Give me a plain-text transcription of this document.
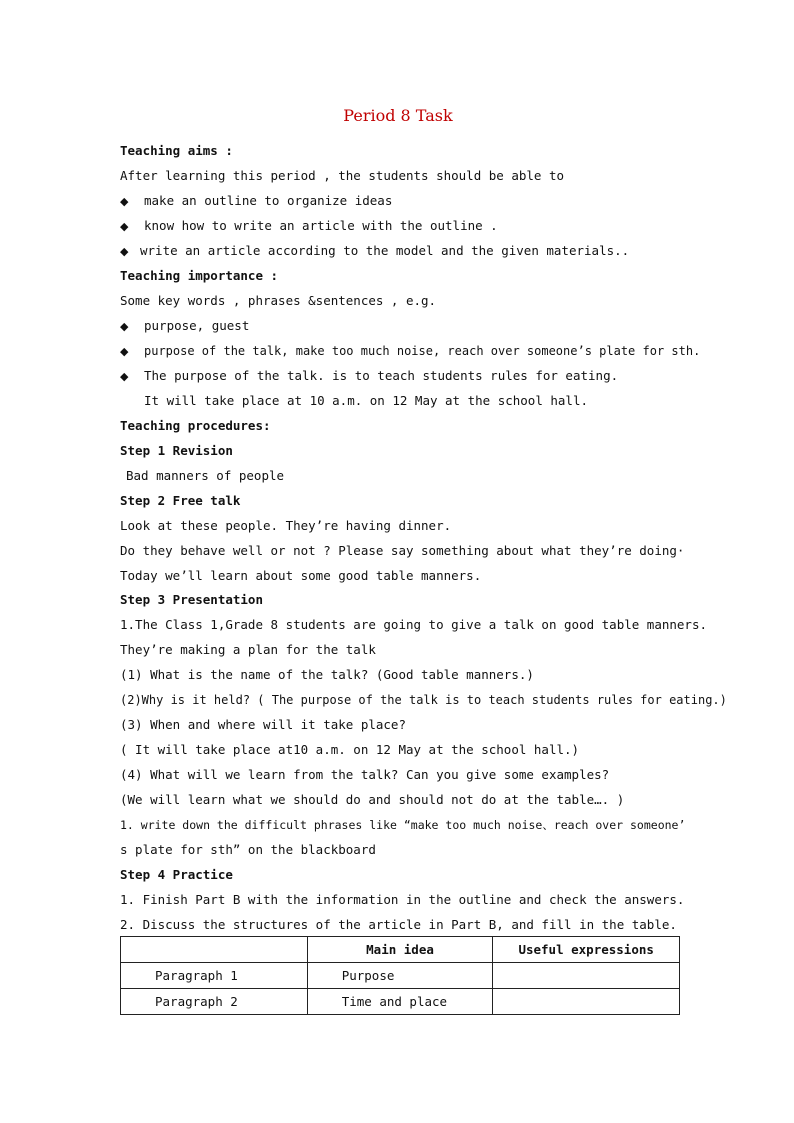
Period 8 Task
Teaching aims :
After learning this period , the students should be able to
◆ make an outline to organize ideas
◆ know how to write an article with the outline .
◆ write an article according to the model and the given materials..
Teaching importance :
Some key words , phrases &sentences , e.g.
◆ purpose, guest
◆ purpose of the talk, make too much noise, reach over someone’s plate for sth.
◆ The purpose of the talk. is to teach students rules for eating.
It will take place at 10 a.m. on 12 May at the school hall.
Teaching procedures:
Step 1 Revision
Bad manners of people
Step 2 Free talk
Look at these people. They’re having dinner.
Do they behave well or not ? Please say something about what they’re doing·
Today we’ll learn about some good table manners.
Step 3 Presentation
1.The Class 1,Grade 8 students are going to give a talk on good table manners.
They’re making a plan for the talk
(1) What is the name of the talk? (Good table manners.)
(2)Why is it held? ( The purpose of the talk is to teach students rules for eating.)
(3) When and where will it take place?
( It will take place at10 a.m. on 12 May at the school hall.)
(4) What will we learn from the talk? Can you give some examples?
(We will learn what we should do and should not do at the table…. )
1. write down the difficult phrases like “make too much noise、reach over someone’
s plate for sth” on the blackboard
Step 4 Practice
1. Finish Part B with the information in the outline and check the answers.
2. Discuss the structures of the article in Part B, and fill in the table.
	Main idea	Useful expressions
Paragraph 1	Purpose	
Paragraph 2	Time and place	
